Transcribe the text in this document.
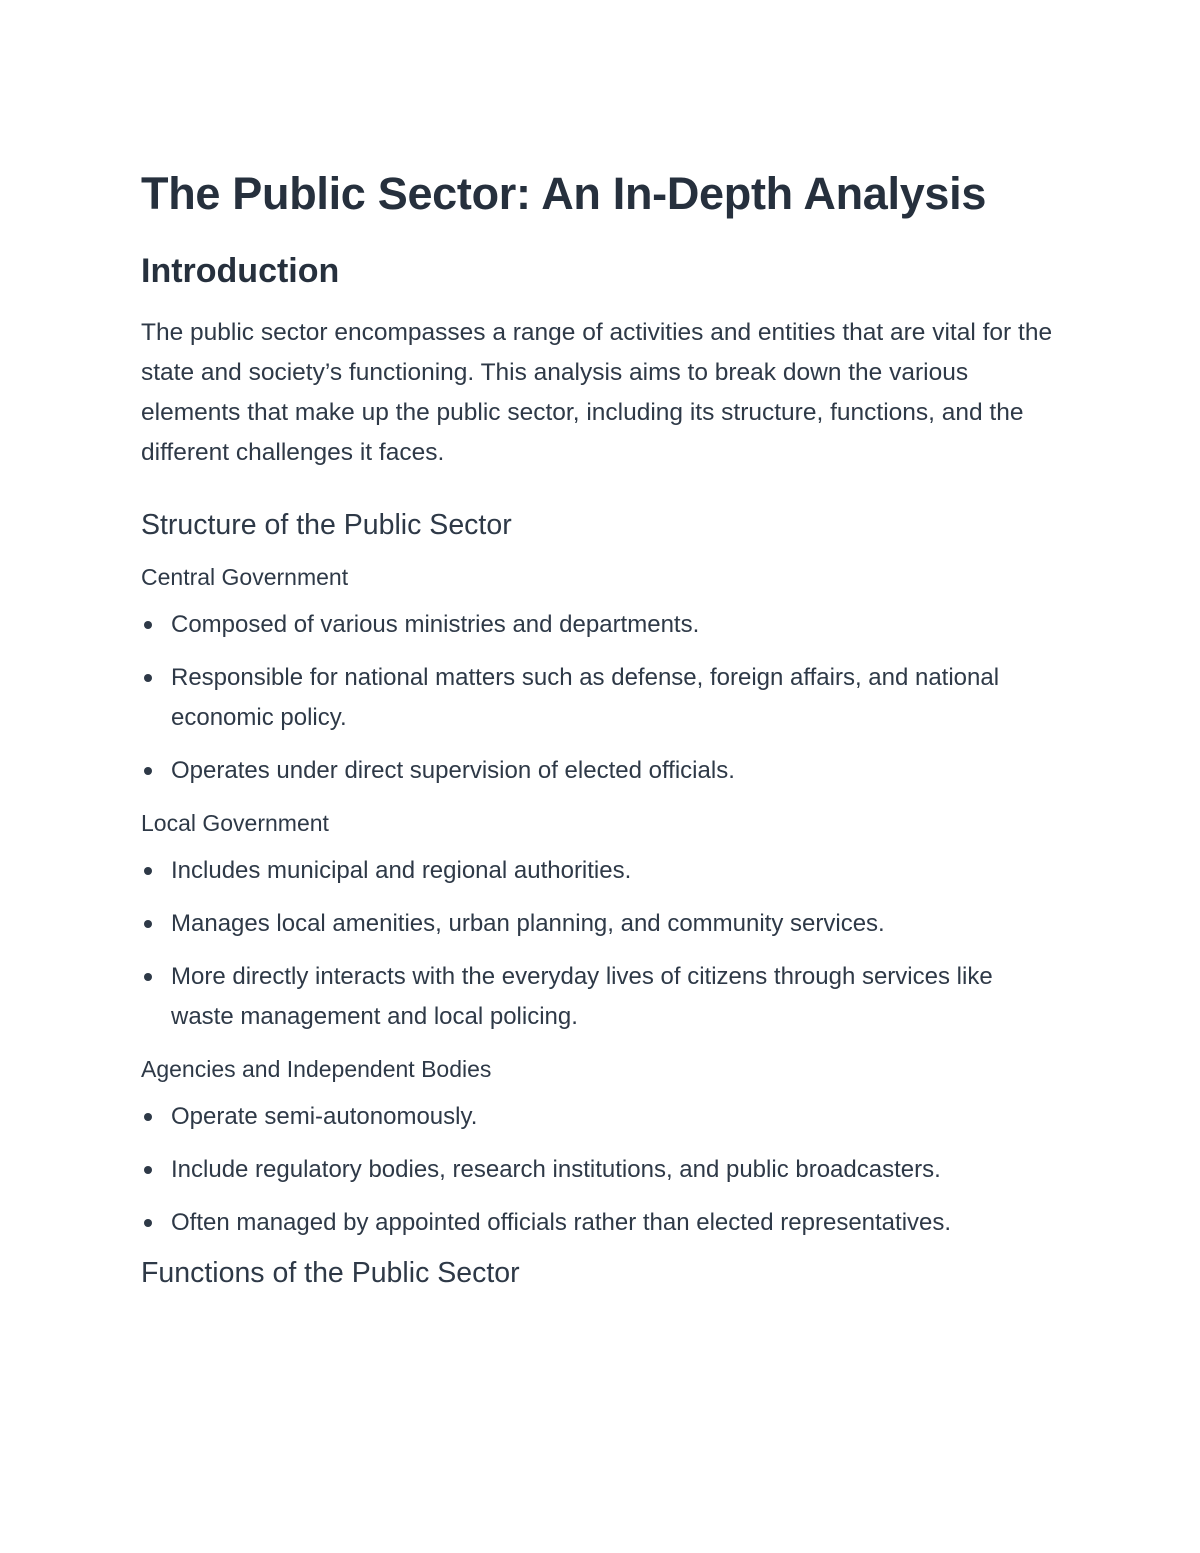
The Public Sector: An In-Depth Analysis
Introduction

The public sector encompasses a range of activities and entities that are vital for the state and society’s functioning. This analysis aims to break down the various elements that make up the public sector, including its structure, functions, and the different challenges it faces.

Structure of the Public Sector
Central Government
Composed of various ministries and departments.
Responsible for national matters such as defense, foreign affairs, and national economic policy.
Operates under direct supervision of elected officials.
Local Government
Includes municipal and regional authorities.
Manages local amenities, urban planning, and community services.
More directly interacts with the everyday lives of citizens through services like waste management and local policing.
Agencies and Independent Bodies
Operate semi-autonomously.
Include regulatory bodies, research institutions, and public broadcasters.
Often managed by appointed officials rather than elected representatives.
Functions of the Public Sector
